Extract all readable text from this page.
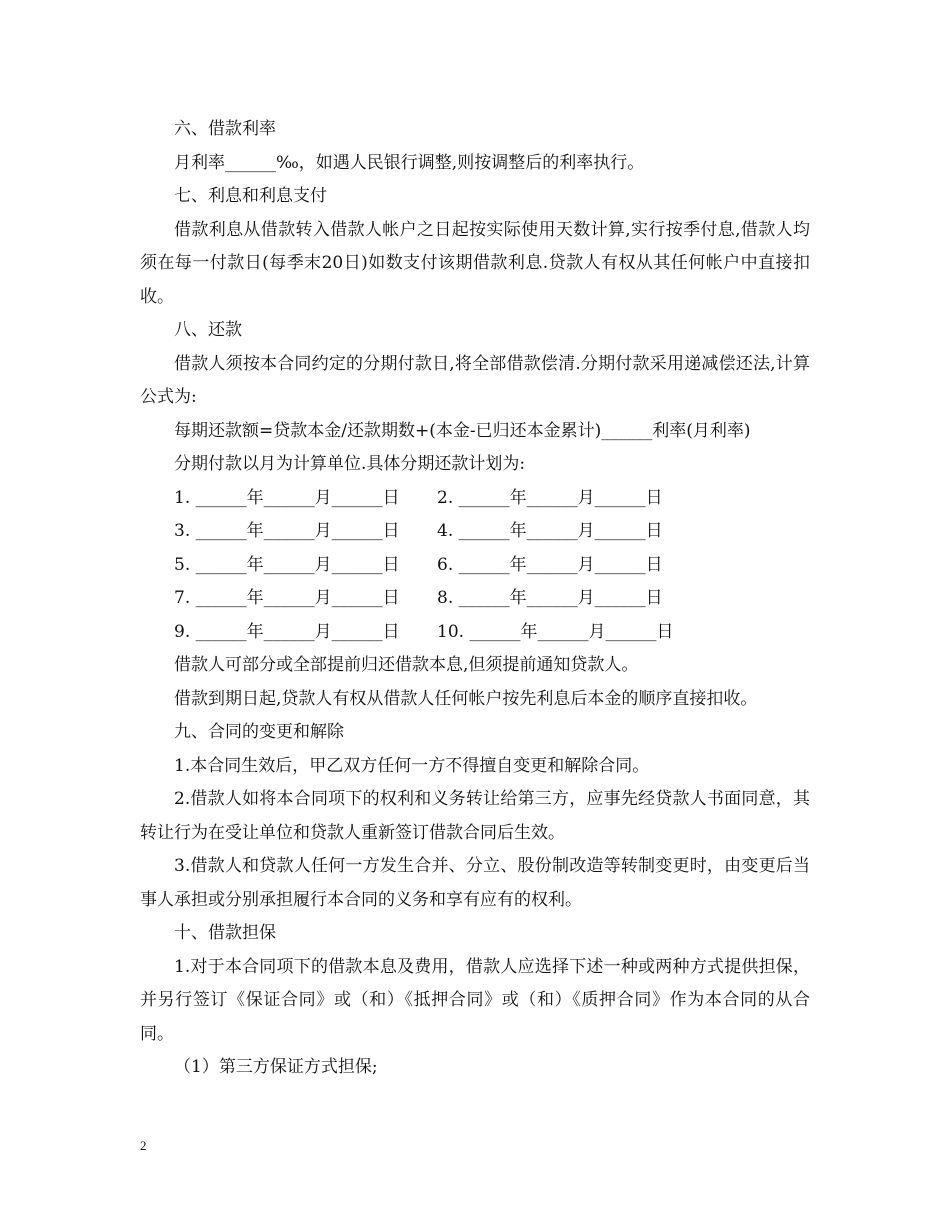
六、借款利率

月利率______‰，如遇人民银行调整,则按调整后的利率执行。

七、利息和利息支付

借款利息从借款转入借款人帐户之日起按实际使用天数计算,实行按季付息,借款人均须在每一付款日(每季末20日)如数支付该期借款利息.贷款人有权从其任何帐户中直接扣收。

八、还款

借款人须按本合同约定的分期付款日,将全部借款偿清.分期付款采用递减偿还法,计算公式为:

每期还款额=贷款本金/还款期数+(本金-已归还本金累计)______利率(月利率)

分期付款以月为计算单位.具体分期还款计划为:

1. ______年______月______日 2. ______年______月______日
3. ______年______月______日 4. ______年______月______日
5. ______年______月______日 6. ______年______月______日
7. ______年______月______日 8. ______年______月______日
9. ______年______月______日 10. ______年______月______日

借款人可部分或全部提前归还借款本息,但须提前通知贷款人。

借款到期日起,贷款人有权从借款人任何帐户按先利息后本金的顺序直接扣收。

九、合同的变更和解除

1.本合同生效后，甲乙双方任何一方不得擅自变更和解除合同。

2.借款人如将本合同项下的权利和义务转让给第三方，应事先经贷款人书面同意，其转让行为在受让单位和贷款人重新签订借款合同后生效。

3.借款人和贷款人任何一方发生合并、分立、股份制改造等转制变更时，由变更后当事人承担或分别承担履行本合同的义务和享有应有的权利。

十、借款担保

1.对于本合同项下的借款本息及费用，借款人应选择下述一种或两种方式提供担保，并另行签订《保证合同》或（和）《抵押合同》或（和）《质押合同》作为本合同的从合同。

（1）第三方保证方式担保;

2
